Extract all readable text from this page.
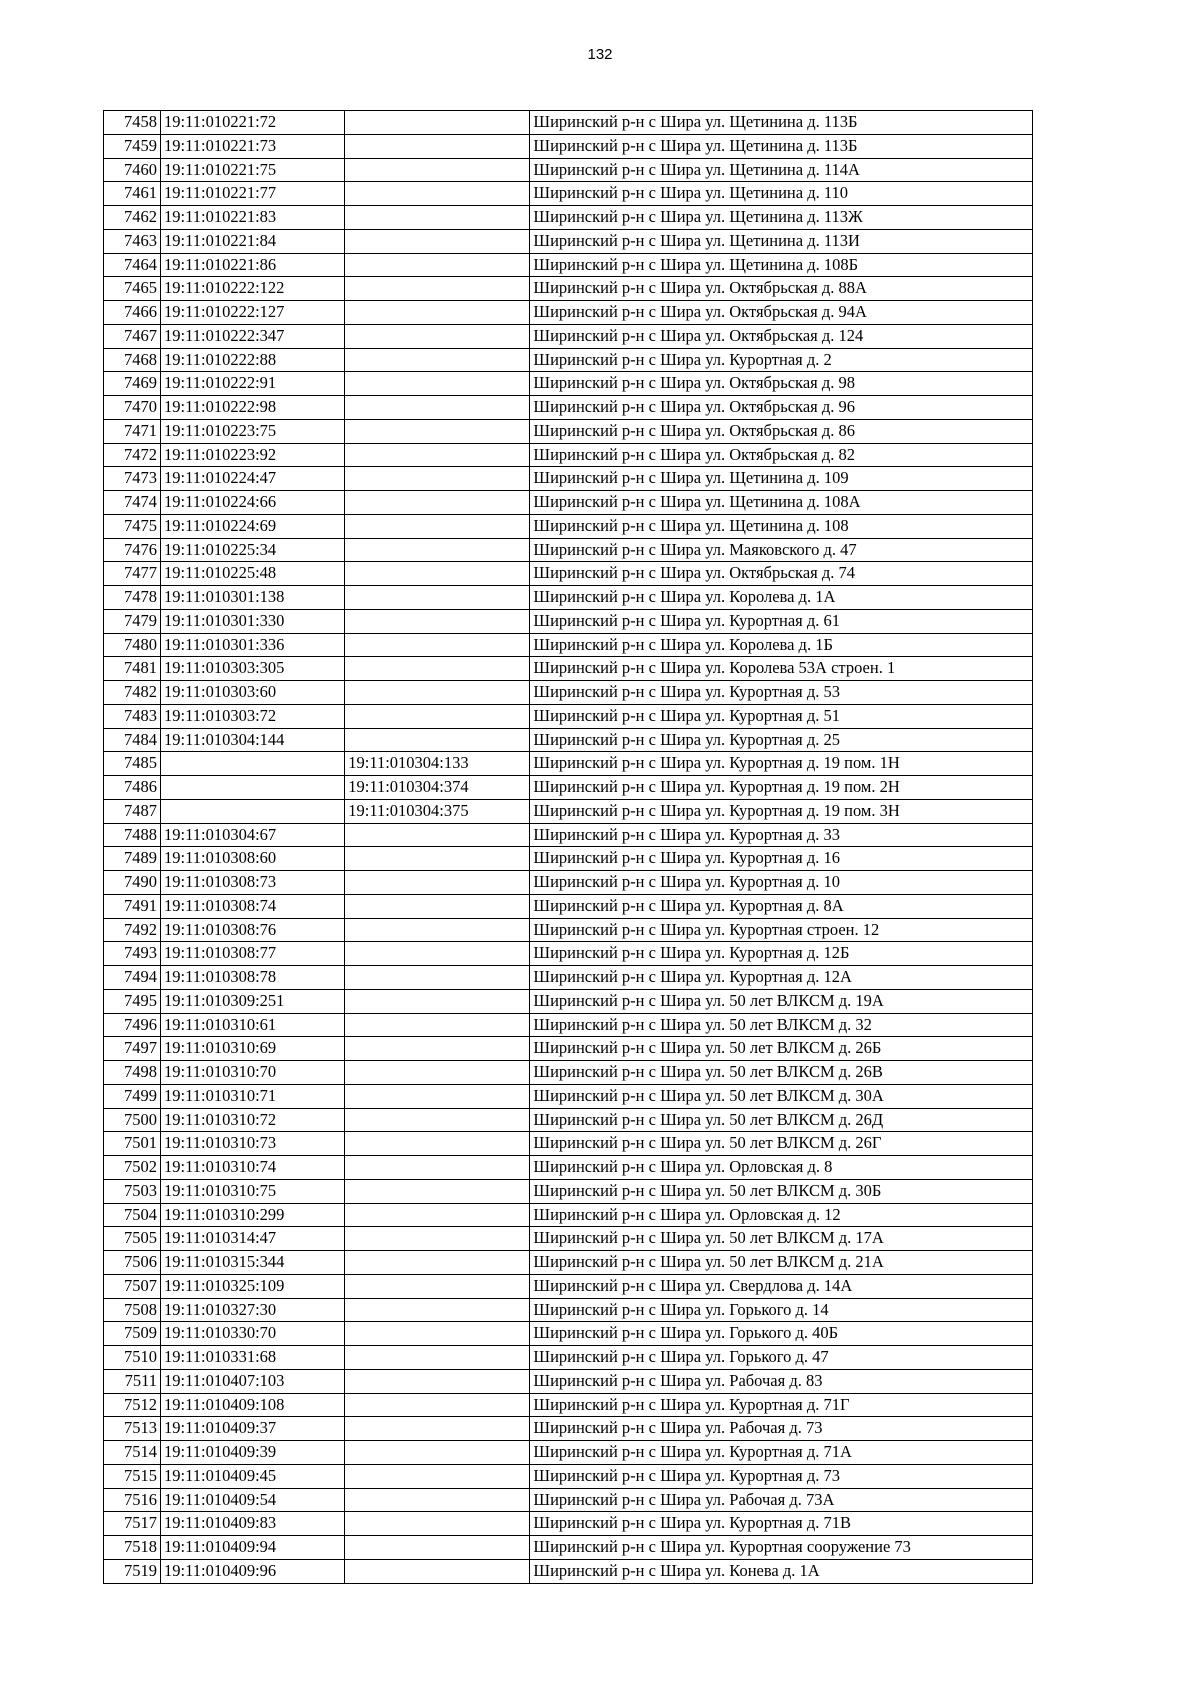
132
7458	19:11:010221:72		Ширинский р-н с Шира ул. Щетинина д. 113Б
7459	19:11:010221:73		Ширинский р-н с Шира ул. Щетинина д. 113Б
7460	19:11:010221:75		Ширинский р-н с Шира ул. Щетинина д. 114А
7461	19:11:010221:77		Ширинский р-н с Шира ул. Щетинина д. 110
7462	19:11:010221:83		Ширинский р-н с Шира ул. Щетинина д. 113Ж
7463	19:11:010221:84		Ширинский р-н с Шира ул. Щетинина д. 113И
7464	19:11:010221:86		Ширинский р-н с Шира ул. Щетинина д. 108Б
7465	19:11:010222:122		Ширинский р-н с Шира ул. Октябрьская д. 88А
7466	19:11:010222:127		Ширинский р-н с Шира ул. Октябрьская д. 94А
7467	19:11:010222:347		Ширинский р-н с Шира ул. Октябрьская д. 124
7468	19:11:010222:88		Ширинский р-н с Шира ул. Курортная д. 2
7469	19:11:010222:91		Ширинский р-н с Шира ул. Октябрьская д. 98
7470	19:11:010222:98		Ширинский р-н с Шира ул. Октябрьская д. 96
7471	19:11:010223:75		Ширинский р-н с Шира ул. Октябрьская д. 86
7472	19:11:010223:92		Ширинский р-н с Шира ул. Октябрьская д. 82
7473	19:11:010224:47		Ширинский р-н с Шира ул. Щетинина д. 109
7474	19:11:010224:66		Ширинский р-н с Шира ул. Щетинина д. 108А
7475	19:11:010224:69		Ширинский р-н с Шира ул. Щетинина д. 108
7476	19:11:010225:34		Ширинский р-н с Шира ул. Маяковского д. 47
7477	19:11:010225:48		Ширинский р-н с Шира ул. Октябрьская д. 74
7478	19:11:010301:138		Ширинский р-н с Шира ул. Королева д. 1А
7479	19:11:010301:330		Ширинский р-н с Шира ул. Курортная д. 61
7480	19:11:010301:336		Ширинский р-н с Шира ул. Королева д. 1Б
7481	19:11:010303:305		Ширинский р-н с Шира ул. Королева 53А строен. 1
7482	19:11:010303:60		Ширинский р-н с Шира ул. Курортная д. 53
7483	19:11:010303:72		Ширинский р-н с Шира ул. Курортная д. 51
7484	19:11:010304:144		Ширинский р-н с Шира ул. Курортная д. 25
7485		19:11:010304:133	Ширинский р-н с Шира ул. Курортная д. 19 пом. 1Н
7486		19:11:010304:374	Ширинский р-н с Шира ул. Курортная д. 19 пом. 2Н
7487		19:11:010304:375	Ширинский р-н с Шира ул. Курортная д. 19 пом. 3Н
7488	19:11:010304:67		Ширинский р-н с Шира ул. Курортная д. 33
7489	19:11:010308:60		Ширинский р-н с Шира ул. Курортная д. 16
7490	19:11:010308:73		Ширинский р-н с Шира ул. Курортная д. 10
7491	19:11:010308:74		Ширинский р-н с Шира ул. Курортная д. 8А
7492	19:11:010308:76		Ширинский р-н с Шира ул. Курортная строен. 12
7493	19:11:010308:77		Ширинский р-н с Шира ул. Курортная д. 12Б
7494	19:11:010308:78		Ширинский р-н с Шира ул. Курортная д. 12А
7495	19:11:010309:251		Ширинский р-н с Шира ул. 50 лет ВЛКСМ д. 19А
7496	19:11:010310:61		Ширинский р-н с Шира ул. 50 лет ВЛКСМ д. 32
7497	19:11:010310:69		Ширинский р-н с Шира ул. 50 лет ВЛКСМ д. 26Б
7498	19:11:010310:70		Ширинский р-н с Шира ул. 50 лет ВЛКСМ д. 26В
7499	19:11:010310:71		Ширинский р-н с Шира ул. 50 лет ВЛКСМ д. 30А
7500	19:11:010310:72		Ширинский р-н с Шира ул. 50 лет ВЛКСМ д. 26Д
7501	19:11:010310:73		Ширинский р-н с Шира ул. 50 лет ВЛКСМ д. 26Г
7502	19:11:010310:74		Ширинский р-н с Шира ул. Орловская д. 8
7503	19:11:010310:75		Ширинский р-н с Шира ул. 50 лет ВЛКСМ д. 30Б
7504	19:11:010310:299		Ширинский р-н с Шира ул. Орловская д. 12
7505	19:11:010314:47		Ширинский р-н с Шира ул. 50 лет ВЛКСМ д. 17А
7506	19:11:010315:344		Ширинский р-н с Шира ул. 50 лет ВЛКСМ д. 21А
7507	19:11:010325:109		Ширинский р-н с Шира ул. Свердлова д. 14А
7508	19:11:010327:30		Ширинский р-н с Шира ул. Горького д. 14
7509	19:11:010330:70		Ширинский р-н с Шира ул. Горького д. 40Б
7510	19:11:010331:68		Ширинский р-н с Шира ул. Горького д. 47
7511	19:11:010407:103		Ширинский р-н с Шира ул. Рабочая д. 83
7512	19:11:010409:108		Ширинский р-н с Шира ул. Курортная д. 71Г
7513	19:11:010409:37		Ширинский р-н с Шира ул. Рабочая д. 73
7514	19:11:010409:39		Ширинский р-н с Шира ул. Курортная д. 71А
7515	19:11:010409:45		Ширинский р-н с Шира ул. Курортная д. 73
7516	19:11:010409:54		Ширинский р-н с Шира ул. Рабочая д. 73А
7517	19:11:010409:83		Ширинский р-н с Шира ул. Курортная д. 71В
7518	19:11:010409:94		Ширинский р-н с Шира ул. Курортная сооружение 73
7519	19:11:010409:96		Ширинский р-н с Шира ул. Конева д. 1А
